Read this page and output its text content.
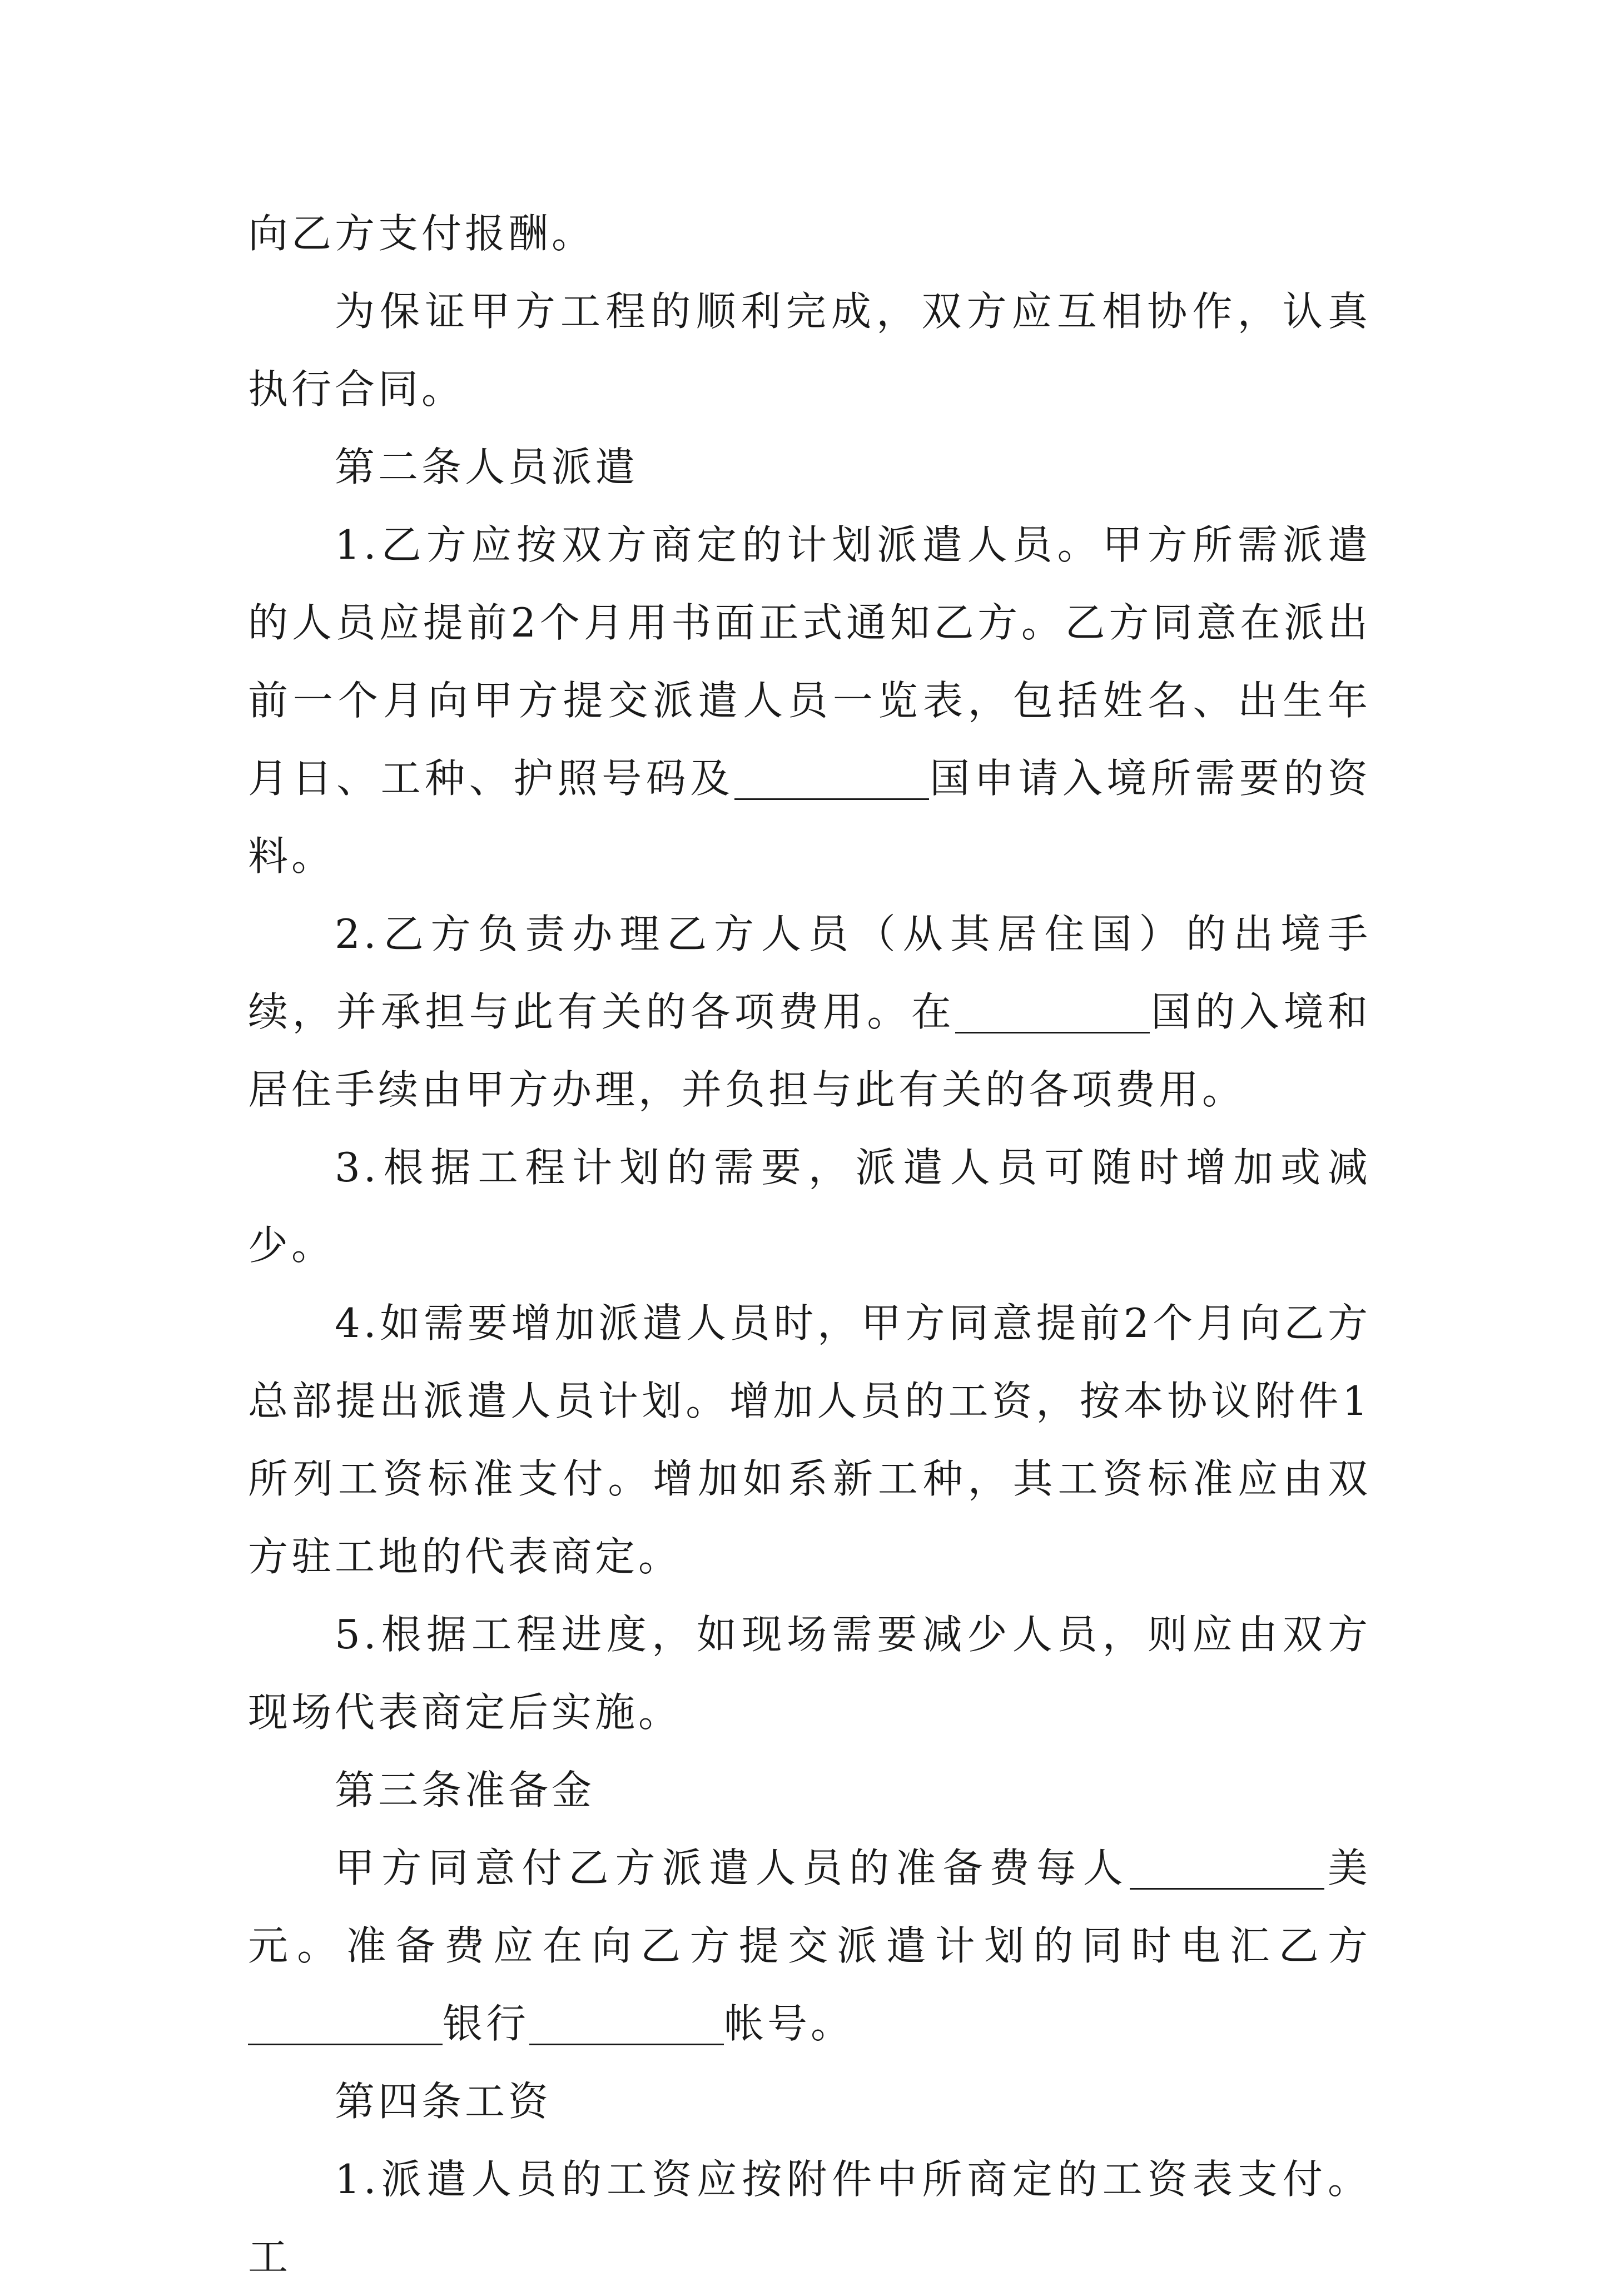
向乙方支付报酬。

为保证甲方工程的顺利完成，双方应互相协作，认真执行合同。

第二条人员派遣

1.乙方应按双方商定的计划派遣人员。甲方所需派遣的人员应提前2个月用书面正式通知乙方。乙方同意在派出前一个月向甲方提交派遣人员一览表，包括姓名、出生年月日、工种、护照号码及	国申请入境所需要的资料。

2.乙方负责办理乙方人员（从其居住国）的出境手续，并承担与此有关的各项费用。在	国的入境和居住手续由甲方办理，并负担与此有关的各项费用。

3.根据工程计划的需要，派遣人员可随时增加或减少。

4.如需要增加派遣人员时，甲方同意提前2个月向乙方总部提出派遣人员计划。增加人员的工资，按本协议附件1所列工资标准支付。增加如系新工种，其工资标准应由双方驻工地的代表商定。

5.根据工程进度，如现场需要减少人员，则应由双方现场代表商定后实施。

第三条准备金

甲方同意付乙方派遣人员的准备费每人	美元。准备费应在向乙方提交派遣计划的同时电汇乙方银行	帐号。

第四条工资

1.派遣人员的工资应按附件中所商定的工资表支付。工
